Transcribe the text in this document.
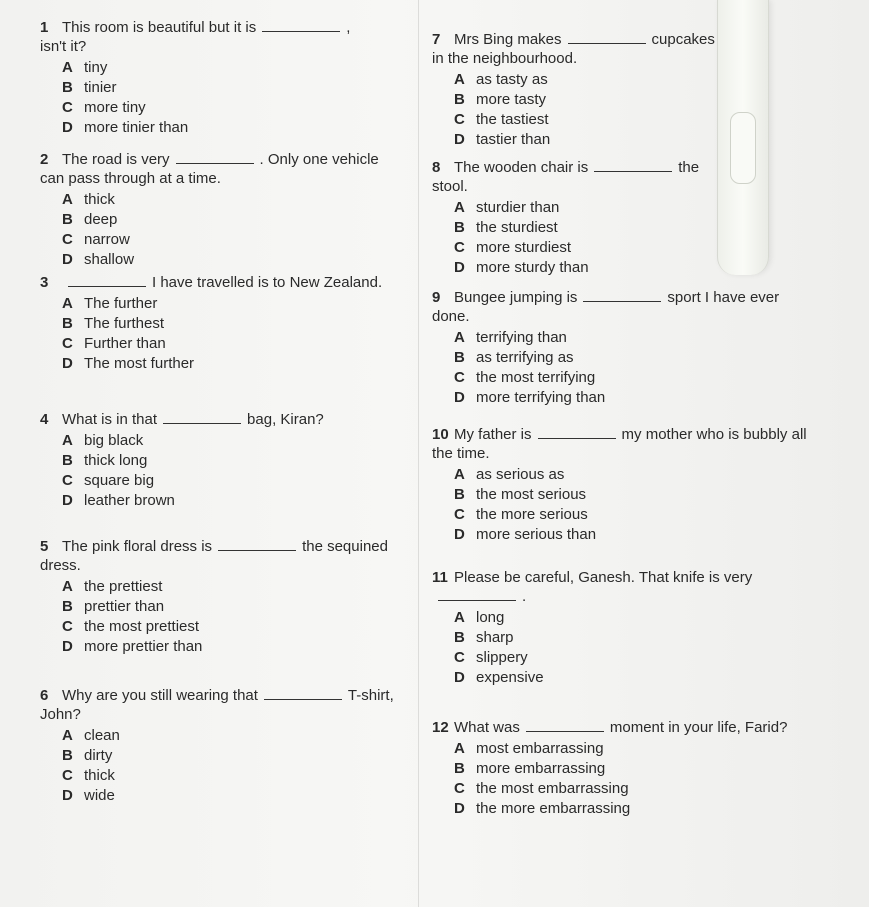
1 This room is beautiful but it is	, isn't it?
A tiny
B tinier
C more tiny
D more tinier than
2 The road is very	. Only one vehicle can pass through at a time.
A thick
B deep
C narrow
D shallow
3	I have travelled is to New Zealand.
A The further
B The furthest
C Further than
D The most further
4 What is in that	bag, Kiran?
A big black
B thick long
C square big
D leather brown
5 The pink floral dress is	the sequined dress.
A the prettiest
B prettier than
C the most prettiest
D more prettier than
6 Why are you still wearing that	T-shirt, John?
A clean
B dirty
C thick
D wide
7 Mrs Bing makes	cupcakes in the neighbourhood.
A as tasty as
B more tasty
C the tastiest
D tastier than
8 The wooden chair is	the stool.
A sturdier than
B the sturdiest
C more sturdiest
D more sturdy than
9 Bungee jumping is	sport I have ever done.
A terrifying than
B as terrifying as
C the most terrifying
D more terrifying than
10 My father is	my mother who is bubbly all the time.
A as serious as
B the most serious
C the more serious
D more serious than
11 Please be careful, Ganesh. That knife is very.
A long
B sharp
C slippery
D expensive
12 What was	moment in your life, Farid?
A most embarrassing
B more embarrassing
C the most embarrassing
D the more embarrassing
